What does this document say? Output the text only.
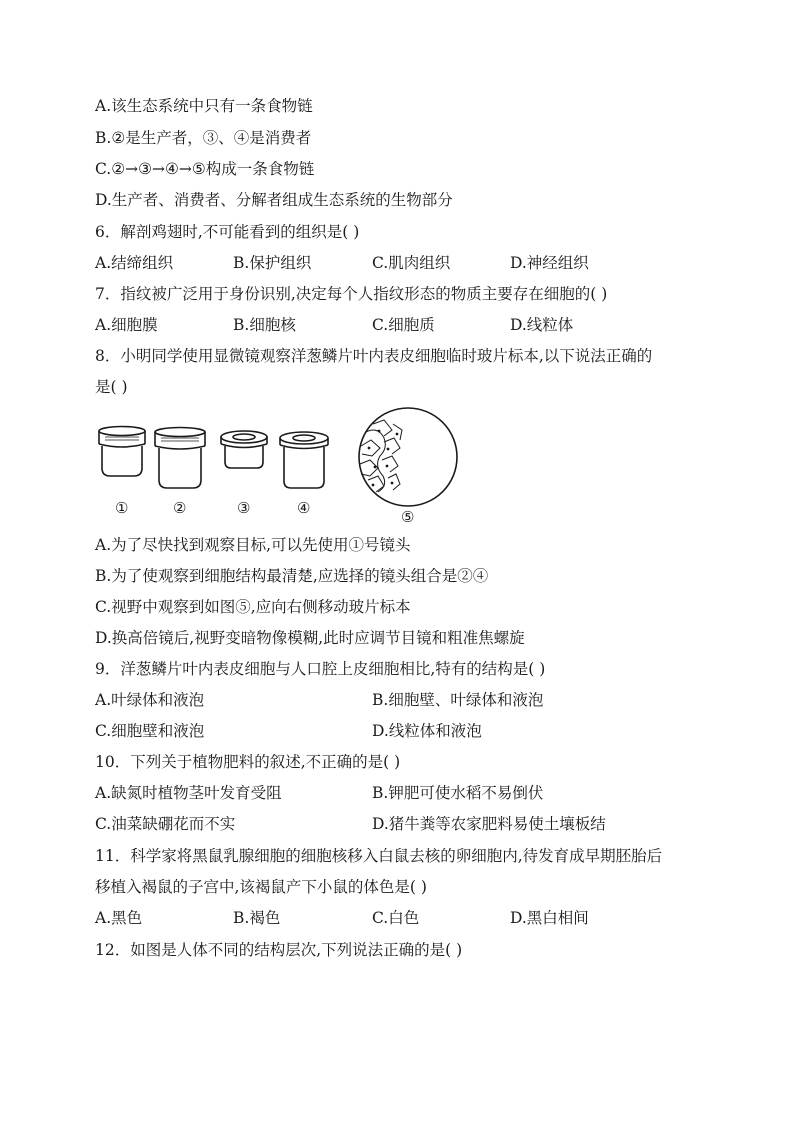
A.该生态系统中只有一条食物链
B.②是生产者，③、④是消费者
C.②→③→④→⑤构成一条食物链
D.生产者、消费者、分解者组成生态系统的生物部分
6．解剖鸡翅时,不可能看到的组织是( )
A.结缔组织	B.保护组织	C.肌肉组织	D.神经组织
7．指纹被广泛用于身份识别,决定每个人指纹形态的物质主要存在细胞的( )
A.细胞膜	B.细胞核	C.细胞质	D.线粒体
8．小明同学使用显微镜观察洋葱鳞片叶内表皮细胞临时玻片标本,以下说法正确的
是( )
①	②	③	④	⑤
A.为了尽快找到观察目标,可以先使用①号镜头
B.为了使观察到细胞结构最清楚,应选择的镜头组合是②④
C.视野中观察到如图⑤,应向右侧移动玻片标本
D.换高倍镜后,视野变暗物像模糊,此时应调节目镜和粗准焦螺旋
9．洋葱鳞片叶内表皮细胞与人口腔上皮细胞相比,特有的结构是( )
A.叶绿体和液泡	B.细胞壁、叶绿体和液泡
C.细胞壁和液泡	D.线粒体和液泡
10．下列关于植物肥料的叙述,不正确的是( )
A.缺氮时植物茎叶发育受阻	B.钾肥可使水稻不易倒伏
C.油菜缺硼花而不实	D.猪牛粪等农家肥料易使土壤板结
11．科学家将黑鼠乳腺细胞的细胞核移入白鼠去核的卵细胞内,待发育成早期胚胎后
移植入褐鼠的子宫中,该褐鼠产下小鼠的体色是( )
A.黑色	B.褐色	C.白色	D.黑白相间
12．如图是人体不同的结构层次,下列说法正确的是( )
